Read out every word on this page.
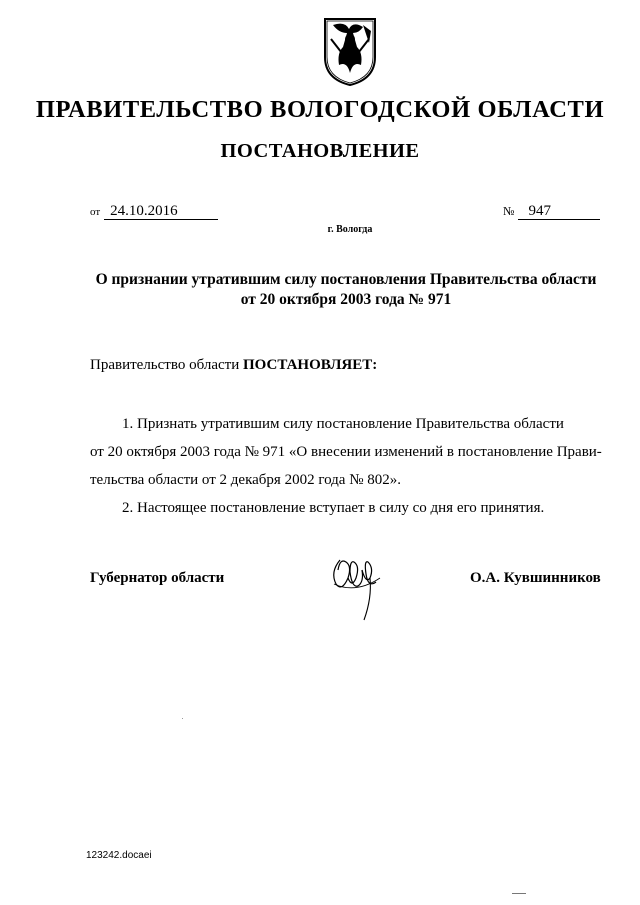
ПРАВИТЕЛЬСТВО ВОЛОГОДСКОЙ ОБЛАСТИ
ПОСТАНОВЛЕНИЕ
от 24.10.2016	№ 947
г. Вологда
О признании утратившим силу постановления Правительства области
от 20 октября 2003 года № 971
Правительство области ПОСТАНОВЛЯЕТ:

1. Признать утратившим силу постановление Правительства области

от 20 октября 2003 года № 971 «О внесении изменений в постановление Прави-

тельства области от 2 декабря 2002 года № 802».

2. Настоящее постановление вступает в силу со дня его принятия.

Губернатор области	О.А. Кувшинников
123242.docaei
